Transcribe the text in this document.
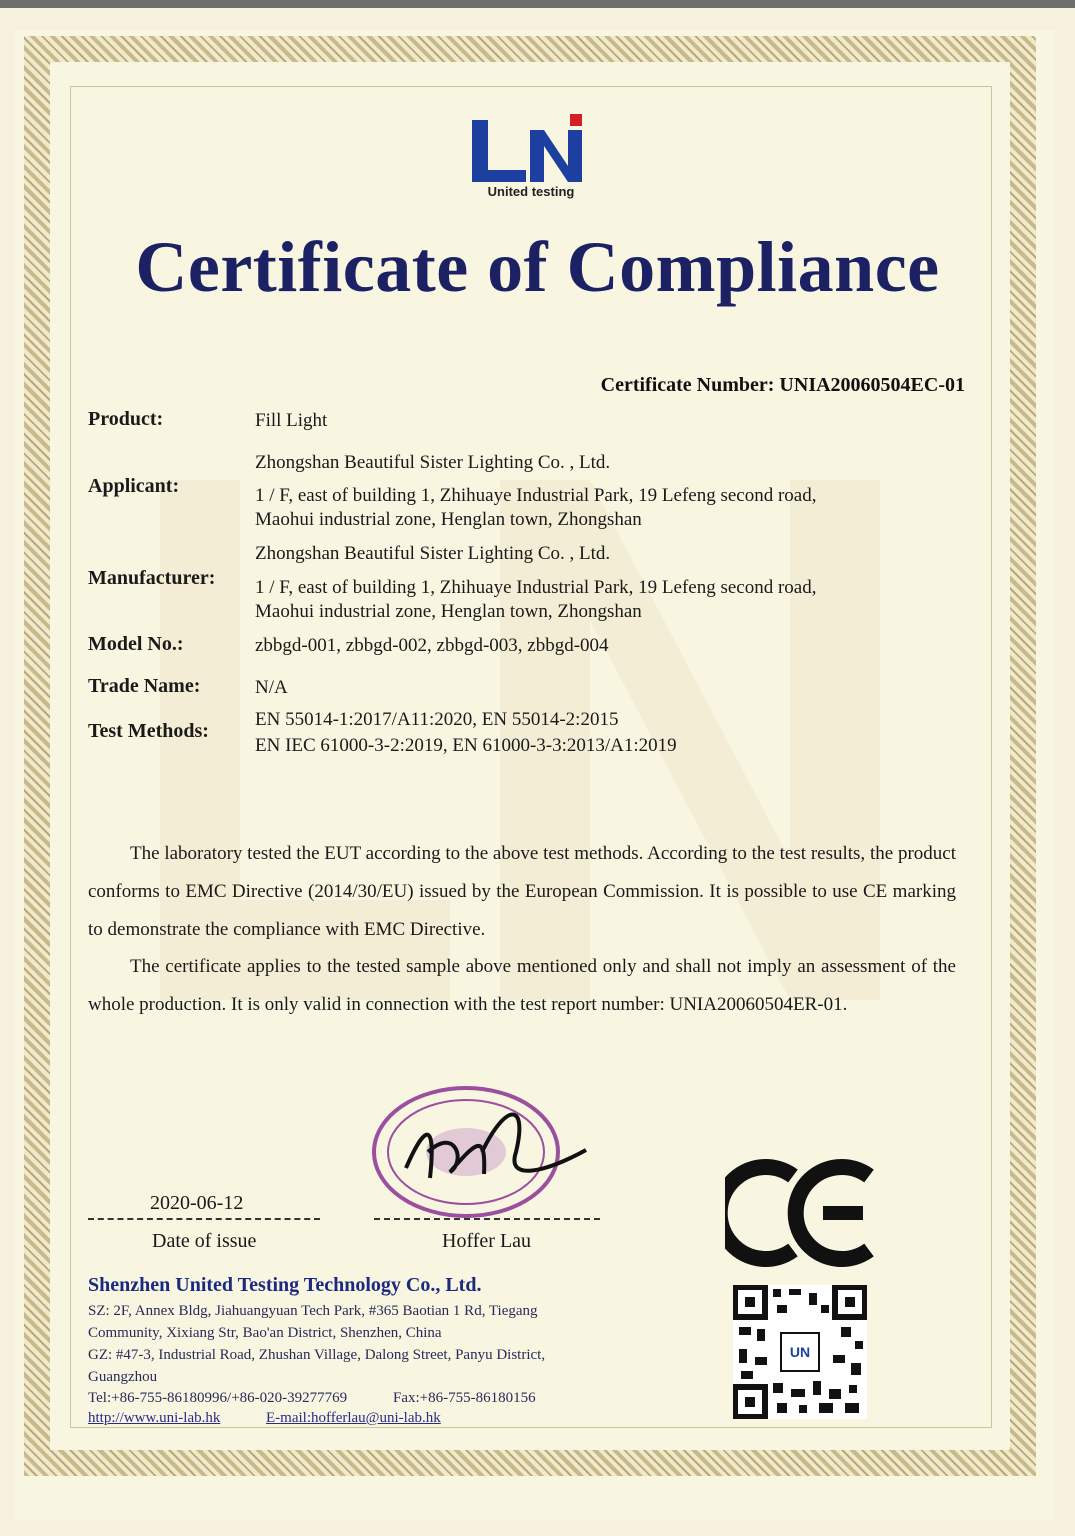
United testing
Certificate of Compliance
Certificate Number: UNIA20060504EC-01
Product:	Fill Light
Applicant:
Zhongshan Beautiful Sister Lighting Co. , Ltd.
1 / F, east of building 1, Zhihuaye Industrial Park, 19 Lefeng second road,
Maohui industrial zone, Henglan town, Zhongshan
Manufacturer:
Zhongshan Beautiful Sister Lighting Co. , Ltd.
1 / F, east of building 1, Zhihuaye Industrial Park, 19 Lefeng second road,
Maohui industrial zone, Henglan town, Zhongshan
Model No.:	zbbgd-001, zbbgd-002, zbbgd-003, zbbgd-004
Trade Name:	N/A
Test Methods:
EN 55014-1:2017/A11:2020, EN 55014-2:2015
EN IEC 61000-3-2:2019, EN 61000-3-3:2013/A1:2019
The laboratory tested the EUT according to the above test methods. According to the test results, the product conforms to EMC Directive (2014/30/EU) issued by the European Commission. It is possible to use CE marking to demonstrate the compliance with EMC Directive.
The certificate applies to the tested sample above mentioned only and shall not imply an assessment of the whole production. It is only valid in connection with the test report number: UNIA20060504ER-01.
2020-06-12
Date of issue	Hoffer Lau
UN
Shenzhen United Testing Technology Co., Ltd.
SZ: 2F, Annex Bldg, Jiahuangyuan Tech Park, #365 Baotian 1 Rd, Tiegang
Community, Xixiang Str, Bao'an District, Shenzhen, China
GZ: #47-3, Industrial Road, Zhushan Village, Dalong Street, Panyu District,
Guangzhou
Tel:+86-755-86180996/+86-020-39277769	Fax:+86-755-86180156
http://www.uni-lab.hk	E-mail:hofferlau@uni-lab.hk
